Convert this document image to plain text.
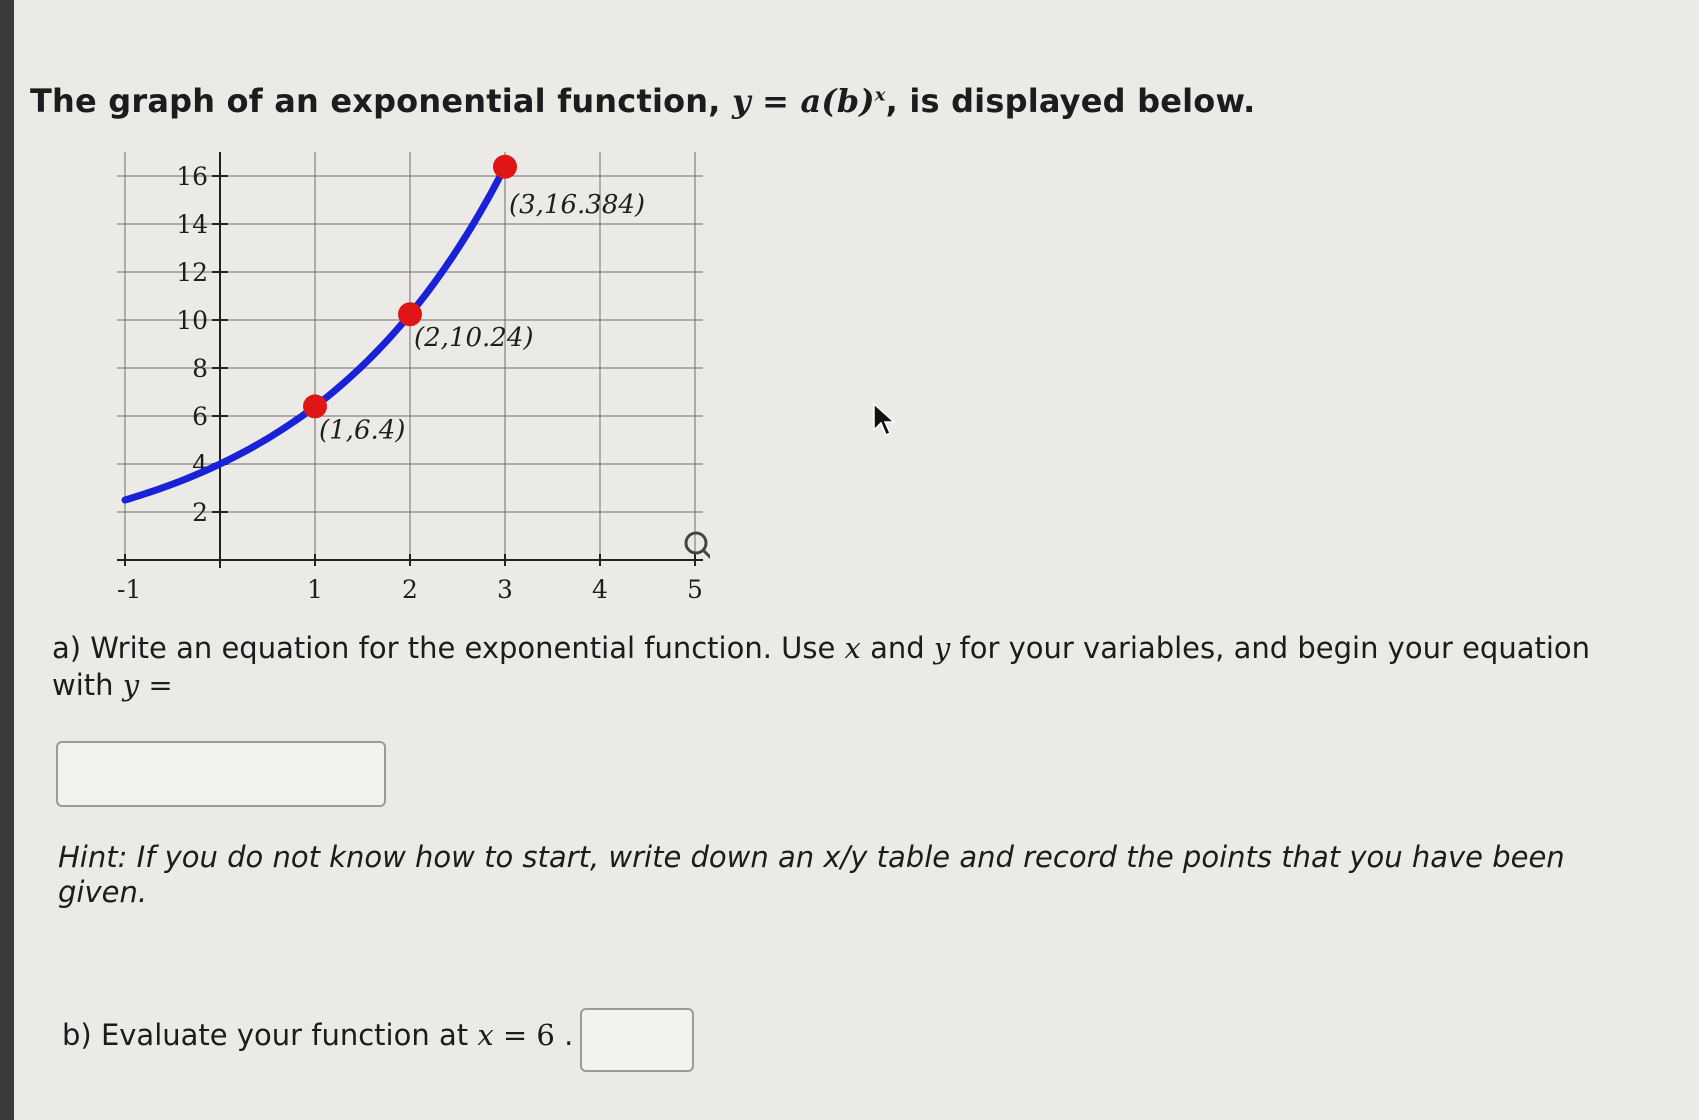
The graph of an exponential function, $y = a(b)^x$, is displayed below.
-1	1	2	3	4	5
2
4
6
8
10
12
14
16
(1,6.4)
(2,10.24)
(3,16.384)
a) Write an equation for the exponential function. Use x and y for your variables, and begin your equation with y =
Hint: If you do not know how to start, write down an x/y table and record the points that you have been given.
b) Evaluate your function at x = 6 .
